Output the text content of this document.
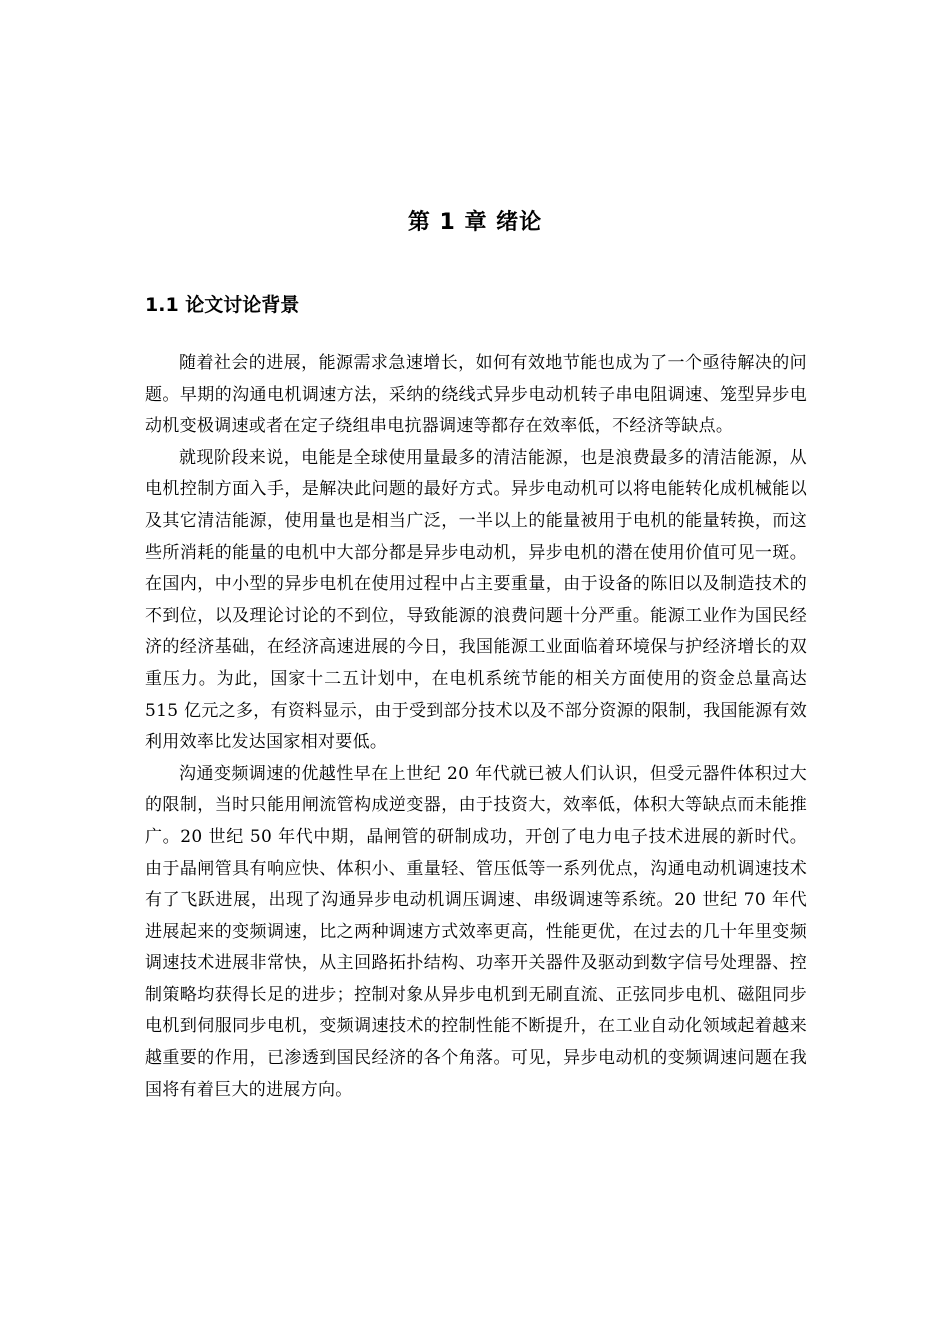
第 1 章 绪论
1.1 论文讨论背景

随着社会的进展，能源需求急速增长，如何有效地节能也成为了一个亟待解决的问题。早期的沟通电机调速方法，采纳的绕线式异步电动机转子串电阻调速、笼型异步电动机变极调速或者在定子绕组串电抗器调速等都存在效率低，不经济等缺点。

就现阶段来说，电能是全球使用量最多的清洁能源，也是浪费最多的清洁能源，从电机控制方面入手，是解决此问题的最好方式。异步电动机可以将电能转化成机械能以及其它清洁能源，使用量也是相当广泛，一半以上的能量被用于电机的能量转换，而这些所消耗的能量的电机中大部分都是异步电动机，异步电机的潜在使用价值可见一斑。在国内，中小型的异步电机在使用过程中占主要重量，由于设备的陈旧以及制造技术的不到位，以及理论讨论的不到位，导致能源的浪费问题十分严重。能源工业作为国民经济的经济基础，在经济高速进展的今日，我国能源工业面临着环境保与护经济增长的双重压力。为此，国家十二五计划中，在电机系统节能的相关方面使用的资金总量高达 515 亿元之多，有资料显示，由于受到部分技术以及不部分资源的限制，我国能源有效利用效率比发达国家相对要低。

沟通变频调速的优越性早在上世纪 20 年代就已被人们认识，但受元器件体积过大的限制，当时只能用闸流管构成逆变器，由于技资大，效率低，体积大等缺点而未能推广。20 世纪 50 年代中期，晶闸管的研制成功，开创了电力电子技术进展的新时代。由于晶闸管具有响应快、体积小、重量轻、管压低等一系列优点，沟通电动机调速技术有了飞跃进展，出现了沟通异步电动机调压调速、串级调速等系统。20 世纪 70 年代进展起来的变频调速，比之两种调速方式效率更高，性能更优，在过去的几十年里变频调速技术进展非常快，从主回路拓扑结构、功率开关器件及驱动到数字信号处理器、控制策略均获得长足的进步；控制对象从异步电机到无刷直流、正弦同步电机、磁阻同步电机到伺服同步电机，变频调速技术的控制性能不断提升，在工业自动化领域起着越来越重要的作用，已渗透到国民经济的各个角落。可见，异步电动机的变频调速问题在我国将有着巨大的进展方向。
